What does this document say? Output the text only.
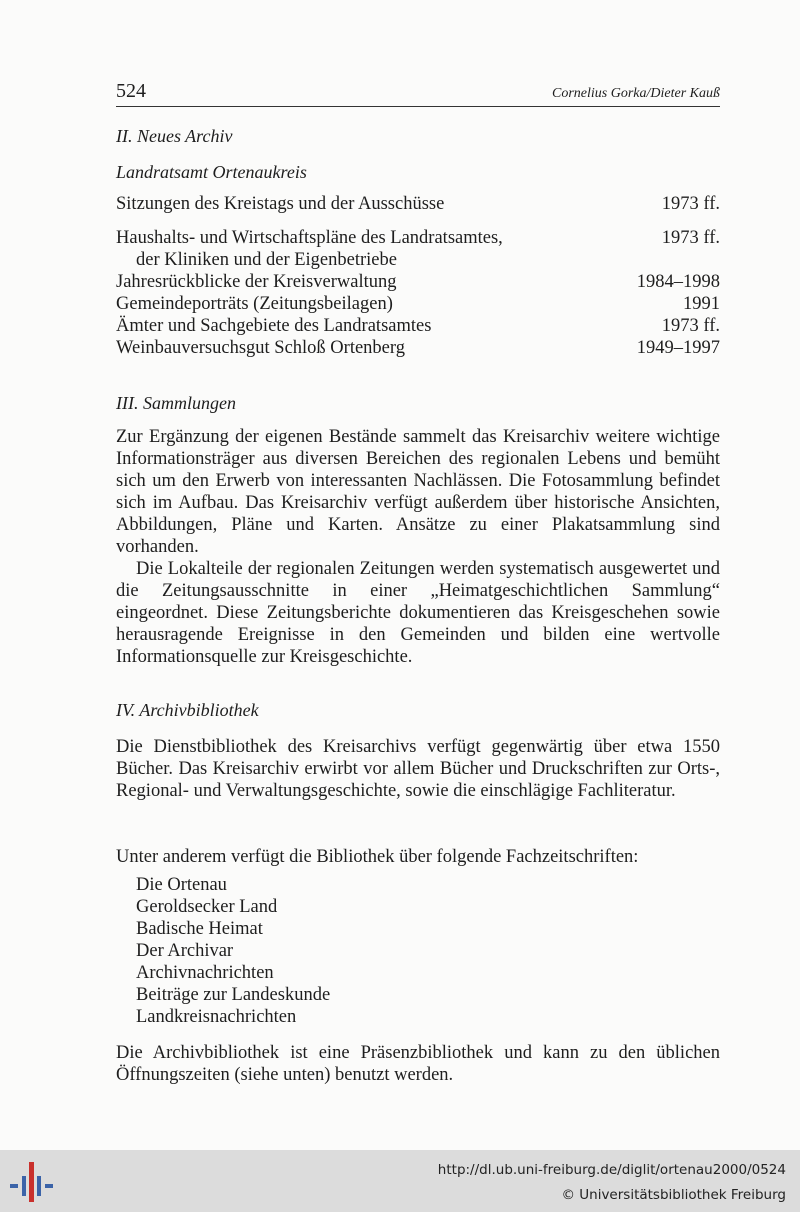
524	Cornelius Gorka/Dieter Kauß
II. Neues Archiv
Landratsamt Ortenaukreis
Sitzungen des Kreistags und der Ausschüsse	1973 ff.
Haushalts- und Wirtschaftspläne des Landratsamtes,	1973 ff.
der Kliniken und der Eigenbetriebe
Jahresrückblicke der Kreisverwaltung	1984–1998
Gemeindeporträts (Zeitungsbeilagen)	1991
Ämter und Sachgebiete des Landratsamtes	1973 ff.
Weinbauversuchsgut Schloß Ortenberg	1949–1997
III. Sammlungen

Zur Ergänzung der eigenen Bestände sammelt das Kreisarchiv weitere wichtige Informationsträger aus diversen Bereichen des regionalen Lebens und bemüht sich um den Erwerb von interessanten Nachlässen. Die Fotosammlung befindet sich im Aufbau. Das Kreisarchiv verfügt außerdem über historische Ansichten, Abbildungen, Pläne und Karten. Ansätze zu einer Plakatsammlung sind vorhanden.

Die Lokalteile der regionalen Zeitungen werden systematisch ausgewertet und die Zeitungsausschnitte in einer „Heimatgeschichtlichen Sammlung“ eingeordnet. Diese Zeitungsberichte dokumentieren das Kreisgeschehen sowie herausragende Ereignisse in den Gemeinden und bilden eine wertvolle Informationsquelle zur Kreisgeschichte.

IV. Archivbibliothek

Die Dienstbibliothek des Kreisarchivs verfügt gegenwärtig über etwa 1550 Bücher. Das Kreisarchiv erwirbt vor allem Bücher und Druckschriften zur Orts-, Regional- und Verwaltungsgeschichte, sowie die einschlägige Fachliteratur.

Unter anderem verfügt die Bibliothek über folgende Fachzeitschriften:

Die Ortenau
Geroldsecker Land
Badische Heimat
Der Archivar
Archivnachrichten
Beiträge zur Landeskunde
Landkreisnachrichten

Die Archivbibliothek ist eine Präsenzbibliothek und kann zu den üblichen Öffnungszeiten (siehe unten) benutzt werden.

http://dl.ub.uni-freiburg.de/diglit/ortenau2000/0524
© Universitätsbibliothek Freiburg
